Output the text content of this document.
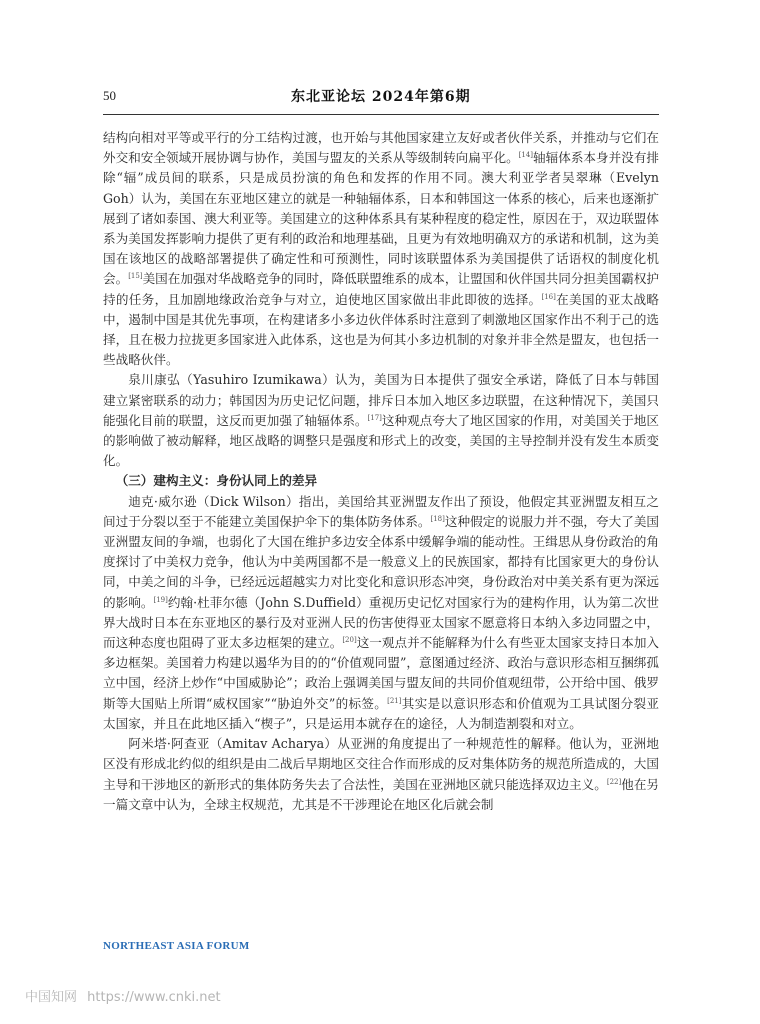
50	东北亚论坛 2024年第6期

结构向相对平等或平行的分工结构过渡，也开始与其他国家建立友好或者伙伴关系，并推动与它们在外交和安全领域开展协调与协作，美国与盟友的关系从等级制转向扁平化。[14]轴辐体系本身并没有排除“辐”成员间的联系，只是成员扮演的角色和发挥的作用不同。澳大利亚学者吴翠琳（Evelyn Goh）认为，美国在东亚地区建立的就是一种轴辐体系，日本和韩国这一体系的核心，后来也逐渐扩展到了诸如泰国、澳大利亚等。美国建立的这种体系具有某种程度的稳定性，原因在于，双边联盟体系为美国发挥影响力提供了更有利的政治和地理基础，且更为有效地明确双方的承诺和机制，这为美国在该地区的战略部署提供了确定性和可预测性，同时该联盟体系为美国提供了话语权的制度化机会。[15]美国在加强对华战略竞争的同时，降低联盟维系的成本，让盟国和伙伴国共同分担美国霸权护持的任务，且加剧地缘政治竞争与对立，迫使地区国家做出非此即彼的选择。[16]在美国的亚太战略中，遏制中国是其优先事项，在构建诸多小多边伙伴体系时注意到了刺激地区国家作出不利于己的选择，且在极力拉拢更多国家进入此体系，这也是为何其小多边机制的对象并非全然是盟友，也包括一些战略伙伴。

泉川康弘（Yasuhiro Izumikawa）认为，美国为日本提供了强安全承诺，降低了日本与韩国建立紧密联系的动力；韩国因为历史记忆问题，排斥日本加入地区多边联盟，在这种情况下，美国只能强化目前的联盟，这反而更加强了轴辐体系。[17]这种观点夸大了地区国家的作用，对美国关于地区的影响做了被动解释，地区战略的调整只是强度和形式上的改变，美国的主导控制并没有发生本质变化。

（三）建构主义：身份认同上的差异

迪克·威尔逊（Dick Wilson）指出，美国给其亚洲盟友作出了预设，他假定其亚洲盟友相互之间过于分裂以至于不能建立美国保护伞下的集体防务体系。[18]这种假定的说服力并不强，夸大了美国亚洲盟友间的争端，也弱化了大国在维护多边安全体系中缓解争端的能动性。王缉思从身份政治的角度探讨了中美权力竞争，他认为中美两国都不是一般意义上的民族国家，都持有比国家更大的身份认同，中美之间的斗争，已经远远超越实力对比变化和意识形态冲突，身份政治对中美关系有更为深远的影响。[19]约翰·杜菲尔德（John S.Duffield）重视历史记忆对国家行为的建构作用，认为第二次世界大战时日本在东亚地区的暴行及对亚洲人民的伤害使得亚太国家不愿意将日本纳入多边同盟之中，而这种态度也阻碍了亚太多边框架的建立。[20]这一观点并不能解释为什么有些亚太国家支持日本加入多边框架。美国着力构建以遏华为目的的“价值观同盟”，意图通过经济、政治与意识形态相互捆绑孤立中国，经济上炒作“中国威胁论”；政治上强调美国与盟友间的共同价值观纽带，公开给中国、俄罗斯等大国贴上所谓“威权国家”“胁迫外交”的标签。[21]其实是以意识形态和价值观为工具试图分裂亚太国家，并且在此地区插入“楔子”，只是运用本就存在的途径，人为制造割裂和对立。

阿米塔·阿查亚（Amitav Acharya）从亚洲的角度提出了一种规范性的解释。他认为，亚洲地区没有形成北约似的组织是由二战后早期地区交往合作而形成的反对集体防务的规范所造成的，大国主导和干涉地区的新形式的集体防务失去了合法性，美国在亚洲地区就只能选择双边主义。[22]他在另一篇文章中认为，全球主权规范，尤其是不干涉理论在地区化后就会制

NORTHEAST ASIA FORUM
中国知网 https://www.cnki.net
